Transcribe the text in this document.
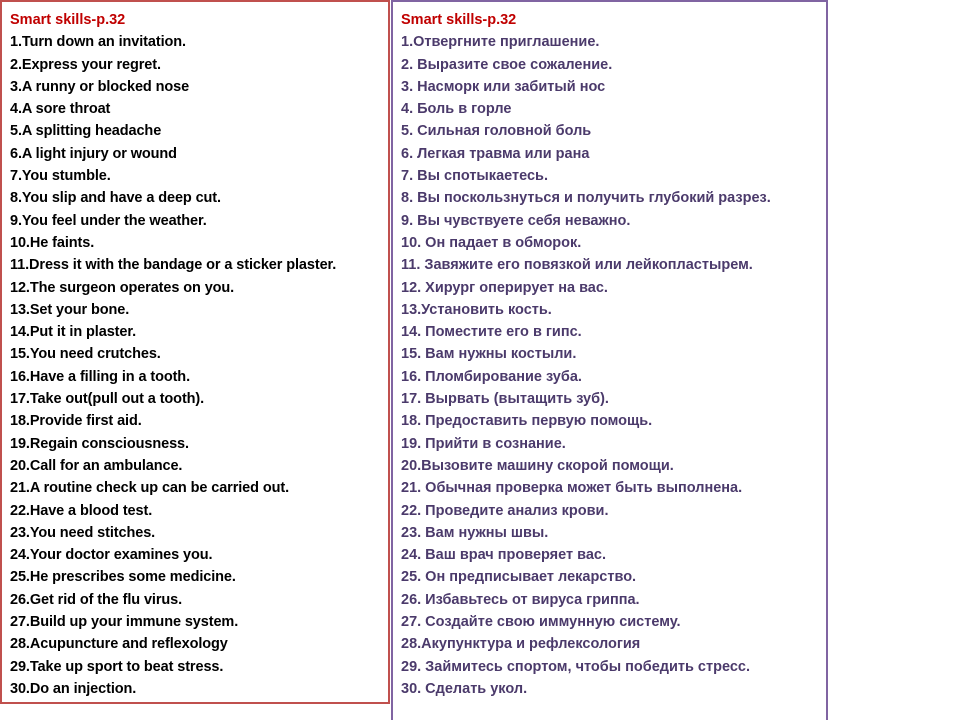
Smart skills-p.32
1.Turn down an invitation.
2.Express your regret.
3.A runny or blocked nose
4.A sore throat
5.A splitting headache
6.A light injury or wound
7.You stumble.
8.You slip and have a deep cut.
9.You feel under the weather.
10.He faints.
11.Dress it with the bandage or a sticker plaster.
12.The surgeon operates on you.
13.Set your bone.
14.Put it in plaster.
15.You need crutches.
16.Have a filling in a tooth.
17.Take out(pull out a tooth).
18.Provide first aid.
19.Regain consciousness.
20.Call for an ambulance.
21.A routine check up can be carried out.
22.Have a blood test.
23.You need stitches.
24.Your doctor examines you.
25.He prescribes some medicine.
26.Get rid of the flu virus.
27.Build up your immune system.
28.Acupuncture and reflexology
29.Take up sport to beat stress.
30.Do an injection.
Smart skills-p.32
1.Отвергните приглашение.
2. Выразите свое сожаление.
3. Насморк или забитый нос
4. Боль в горле
5. Сильная головной боль
6. Легкая травма или рана
7. Вы спотыкаетесь.
8. Вы поскользнуться и получить глубокий разрез.
9. Вы чувствуете себя неважно.
10. Он падает в обморок.
11. Завяжите его повязкой или лейкопластырем.
12. Хирург оперирует на вас.
13.Установить кость.
14. Поместите его в гипс.
15. Вам нужны костыли.
16. Пломбирование зуба.
17. Вырвать (вытащить зуб).
18. Предоставить первую помощь.
19. Прийти в сознание.
20.Вызовите машину скорой помощи.
21. Обычная проверка может быть выполнена.
22. Проведите анализ крови.
23. Вам нужны швы.
24. Ваш врач проверяет вас.
25. Он предписывает лекарство.
26. Избавьтесь от вируса гриппа.
27. Создайте свою иммунную систему.
28.Акупунктура и рефлексология
29. Займитесь спортом, чтобы победить стресс.
30. Сделать укол.
